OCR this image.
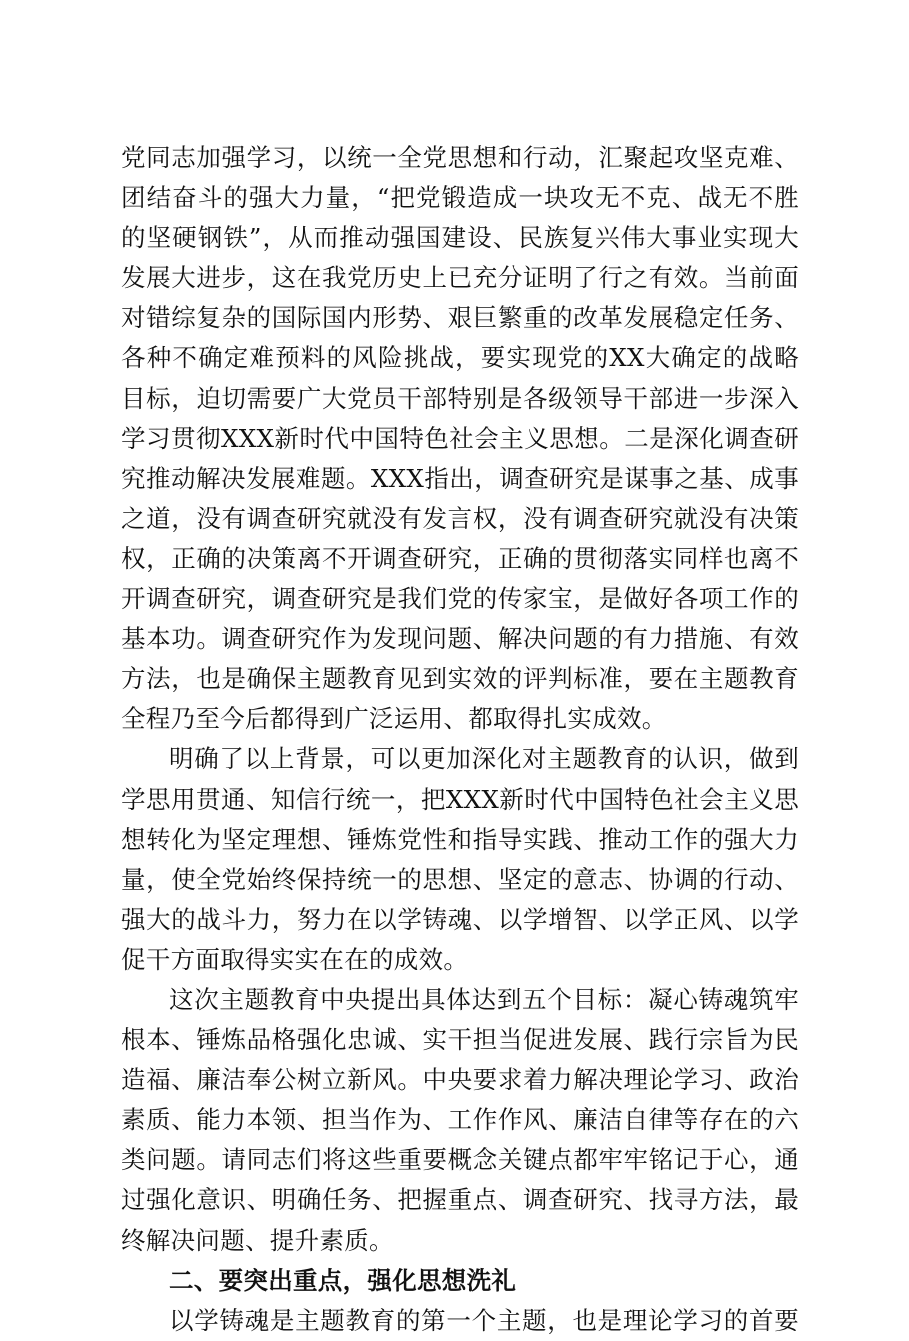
党同志加强学习，以统一全党思想和行动，汇聚起攻坚克难、
团结奋斗的强大力量，“把党锻造成一块攻无不克、战无不胜
的坚硬钢铁”，从而推动强国建设、民族复兴伟大事业实现大
发展大进步，这在我党历史上已充分证明了行之有效。当前面
对错综复杂的国际国内形势、艰巨繁重的改革发展稳定任务、
各种不确定难预料的风险挑战，要实现党的XX大确定的战略
目标，迫切需要广大党员干部特别是各级领导干部进一步深入
学习贯彻XXX新时代中国特色社会主义思想。二是深化调查研
究推动解决发展难题。XXX指出，调查研究是谋事之基、成事
之道，没有调查研究就没有发言权，没有调查研究就没有决策
权，正确的决策离不开调查研究，正确的贯彻落实同样也离不
开调查研究，调查研究是我们党的传家宝，是做好各项工作的
基本功。调查研究作为发现问题、解决问题的有力措施、有效
方法，也是确保主题教育见到实效的评判标准，要在主题教育
全程乃至今后都得到广泛运用、都取得扎实成效。
明确了以上背景，可以更加深化对主题教育的认识，做到
学思用贯通、知信行统一，把XXX新时代中国特色社会主义思
想转化为坚定理想、锤炼党性和指导实践、推动工作的强大力
量，使全党始终保持统一的思想、坚定的意志、协调的行动、
强大的战斗力，努力在以学铸魂、以学增智、以学正风、以学
促干方面取得实实在在的成效。
这次主题教育中央提出具体达到五个目标：凝心铸魂筑牢
根本、锤炼品格强化忠诚、实干担当促进发展、践行宗旨为民
造福、廉洁奉公树立新风。中央要求着力解决理论学习、政治
素质、能力本领、担当作为、工作作风、廉洁自律等存在的六
类问题。请同志们将这些重要概念关键点都牢牢铭记于心，通
过强化意识、明确任务、把握重点、调查研究、找寻方法，最
终解决问题、提升素质。
二、要突出重点，强化思想洗礼
以学铸魂是主题教育的第一个主题，也是理论学习的首要
